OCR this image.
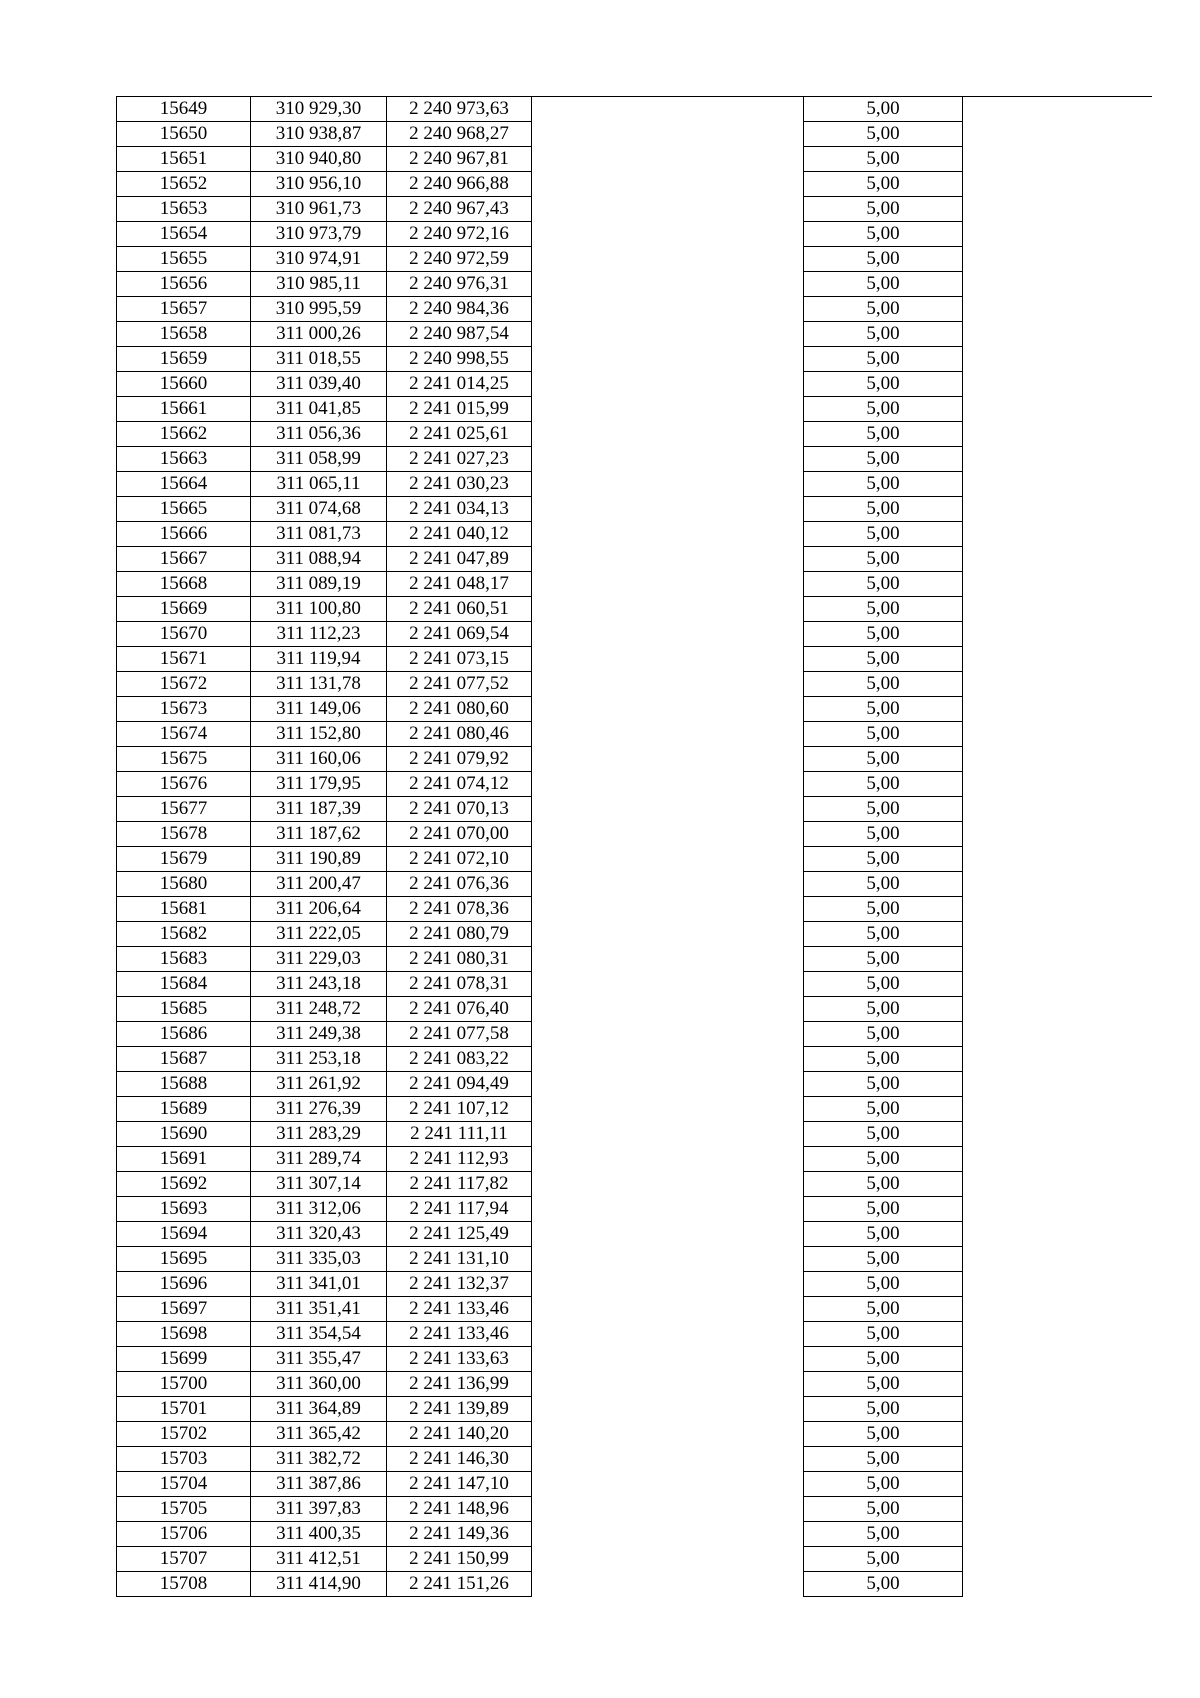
15649	310 929,30	2 240 973,63		5,00	
15650	310 938,87	2 240 968,27		5,00	
15651	310 940,80	2 240 967,81		5,00	
15652	310 956,10	2 240 966,88		5,00	
15653	310 961,73	2 240 967,43		5,00	
15654	310 973,79	2 240 972,16		5,00	
15655	310 974,91	2 240 972,59		5,00	
15656	310 985,11	2 240 976,31		5,00	
15657	310 995,59	2 240 984,36		5,00	
15658	311 000,26	2 240 987,54		5,00	
15659	311 018,55	2 240 998,55		5,00	
15660	311 039,40	2 241 014,25		5,00	
15661	311 041,85	2 241 015,99		5,00	
15662	311 056,36	2 241 025,61		5,00	
15663	311 058,99	2 241 027,23		5,00	
15664	311 065,11	2 241 030,23		5,00	
15665	311 074,68	2 241 034,13		5,00	
15666	311 081,73	2 241 040,12		5,00	
15667	311 088,94	2 241 047,89		5,00	
15668	311 089,19	2 241 048,17		5,00	
15669	311 100,80	2 241 060,51		5,00	
15670	311 112,23	2 241 069,54		5,00	
15671	311 119,94	2 241 073,15		5,00	
15672	311 131,78	2 241 077,52		5,00	
15673	311 149,06	2 241 080,60		5,00	
15674	311 152,80	2 241 080,46		5,00	
15675	311 160,06	2 241 079,92		5,00	
15676	311 179,95	2 241 074,12		5,00	
15677	311 187,39	2 241 070,13		5,00	
15678	311 187,62	2 241 070,00		5,00	
15679	311 190,89	2 241 072,10		5,00	
15680	311 200,47	2 241 076,36		5,00	
15681	311 206,64	2 241 078,36		5,00	
15682	311 222,05	2 241 080,79		5,00	
15683	311 229,03	2 241 080,31		5,00	
15684	311 243,18	2 241 078,31		5,00	
15685	311 248,72	2 241 076,40		5,00	
15686	311 249,38	2 241 077,58		5,00	
15687	311 253,18	2 241 083,22		5,00	
15688	311 261,92	2 241 094,49		5,00	
15689	311 276,39	2 241 107,12		5,00	
15690	311 283,29	2 241 111,11		5,00	
15691	311 289,74	2 241 112,93		5,00	
15692	311 307,14	2 241 117,82		5,00	
15693	311 312,06	2 241 117,94		5,00	
15694	311 320,43	2 241 125,49		5,00	
15695	311 335,03	2 241 131,10		5,00	
15696	311 341,01	2 241 132,37		5,00	
15697	311 351,41	2 241 133,46		5,00	
15698	311 354,54	2 241 133,46		5,00	
15699	311 355,47	2 241 133,63		5,00	
15700	311 360,00	2 241 136,99		5,00	
15701	311 364,89	2 241 139,89		5,00	
15702	311 365,42	2 241 140,20		5,00	
15703	311 382,72	2 241 146,30		5,00	
15704	311 387,86	2 241 147,10		5,00	
15705	311 397,83	2 241 148,96		5,00	
15706	311 400,35	2 241 149,36		5,00	
15707	311 412,51	2 241 150,99		5,00	
15708	311 414,90	2 241 151,26		5,00	
